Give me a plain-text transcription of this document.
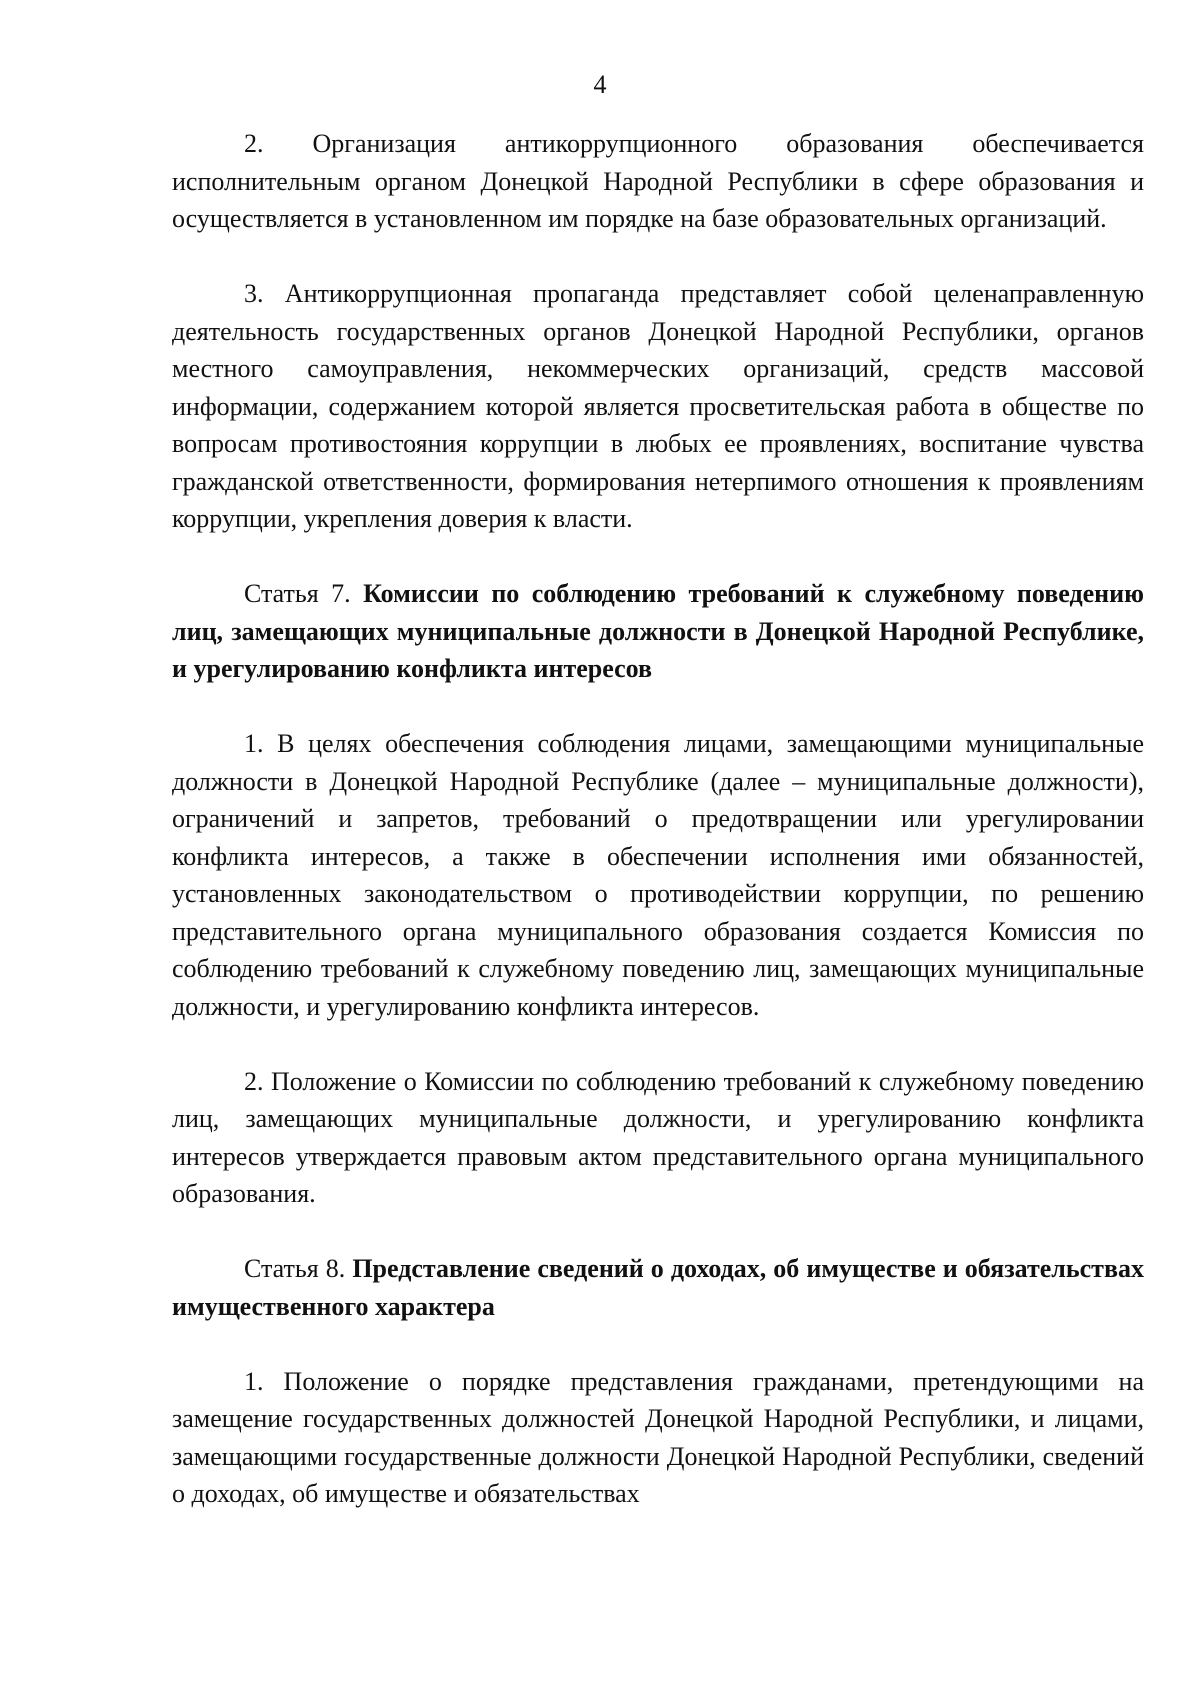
4

2. Организация антикоррупционного образования обеспечивается исполнительным органом Донецкой Народной Республики в сфере образования и осуществляется в установленном им порядке на базе образовательных организаций.

3. Антикоррупционная пропаганда представляет собой целенаправленную деятельность государственных органов Донецкой Народной Республики, органов местного самоуправления, некоммерческих организаций, средств массовой информации, содержанием которой является просветительская работа в обществе по вопросам противостояния коррупции в любых ее проявлениях, воспитание чувства гражданской ответственности, формирования нетерпимого отношения к проявлениям коррупции, укрепления доверия к власти.

Статья 7. Комиссии по соблюдению требований к служебному поведению лиц, замещающих муниципальные должности в Донецкой Народной Республике, и урегулированию конфликта интересов

1. В целях обеспечения соблюдения лицами, замещающими муниципальные должности в Донецкой Народной Республике (далее – муниципальные должности), ограничений и запретов, требований о предотвращении или урегулировании конфликта интересов, а также в обеспечении исполнения ими обязанностей, установленных законодательством о противодействии коррупции, по решению представительного органа муниципального образования создается Комиссия по соблюдению требований к служебному поведению лиц, замещающих муниципальные должности, и урегулированию конфликта интересов.

2. Положение о Комиссии по соблюдению требований к служебному поведению лиц, замещающих муниципальные должности, и урегулированию конфликта интересов утверждается правовым актом представительного органа муниципального образования.

Статья 8. Представление сведений о доходах, об имуществе и обязательствах имущественного характера

1. Положение о порядке представления гражданами, претендующими на замещение государственных должностей Донецкой Народной Республики, и лицами, замещающими государственные должности Донецкой Народной Республики, сведений о доходах, об имуществе и обязательствах
